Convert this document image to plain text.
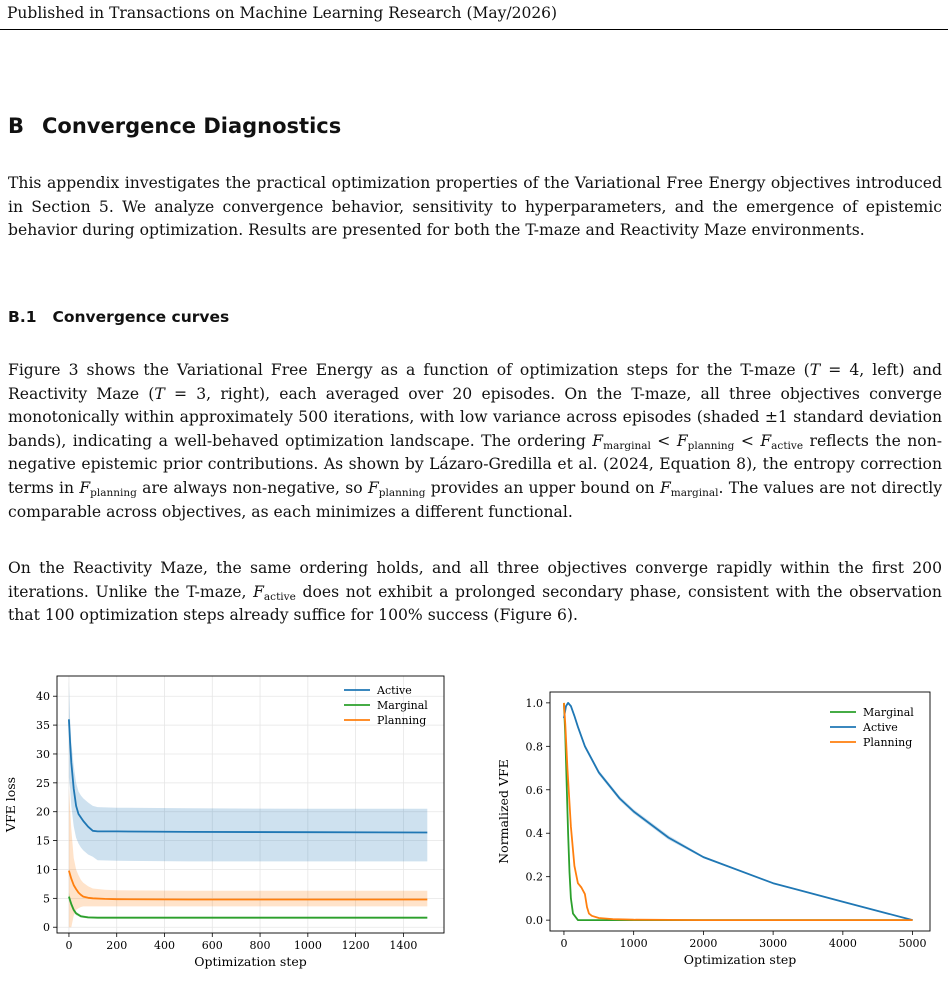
Published in Transactions on Machine Learning Research (May/2026)
B Convergence Diagnostics

This appendix investigates the practical optimization properties of the Variational Free Energy objectives introduced in Section 5. We analyze convergence behavior, sensitivity to hyperparameters, and the emergence of epistemic behavior during optimization. Results are presented for both the T-maze and Reactivity Maze environments.

B.1 Convergence curves

Figure 3 shows the Variational Free Energy as a function of optimization steps for the T-maze (T = 4, left) and Reactivity Maze (T = 3, right), each averaged over 20 episodes. On the T-maze, all three objectives converge monotonically within approximately 500 iterations, with low variance across episodes (shaded ±1 standard deviation bands), indicating a well-behaved optimization landscape. The ordering $F_{marginal} < F_{planning} < F_{active}$ reflects the non-negative epistemic prior contributions. As shown by Lázaro-Gredilla et al. (2024, Equation 8), the entropy correction terms in $F_{planning}$ are always non-negative, so $F_{planning}$ provides an upper bound on $F_{marginal}$. The values are not directly comparable across objectives, as each minimizes a different functional.

On the Reactivity Maze, the same ordering holds, and all three objectives converge rapidly within the first 200 iterations. Unlike the T-maze, $F_{active}$ does not exhibit a prolonged secondary phase, consistent with the observation that 100 optimization steps already suffice for 100% success (Figure 6).

0	200 400 600 800 1000 1200 1400
0
5
10
15
20
25
30
35
40
Optimization step
VFE loss
Active
Marginal
Planning
0	1000	2000	3000	4000	5000
0.0
0.2
0.4
0.6
0.8
1.0
Optimization step
Normalized VFE
Marginal
Active
Planning
